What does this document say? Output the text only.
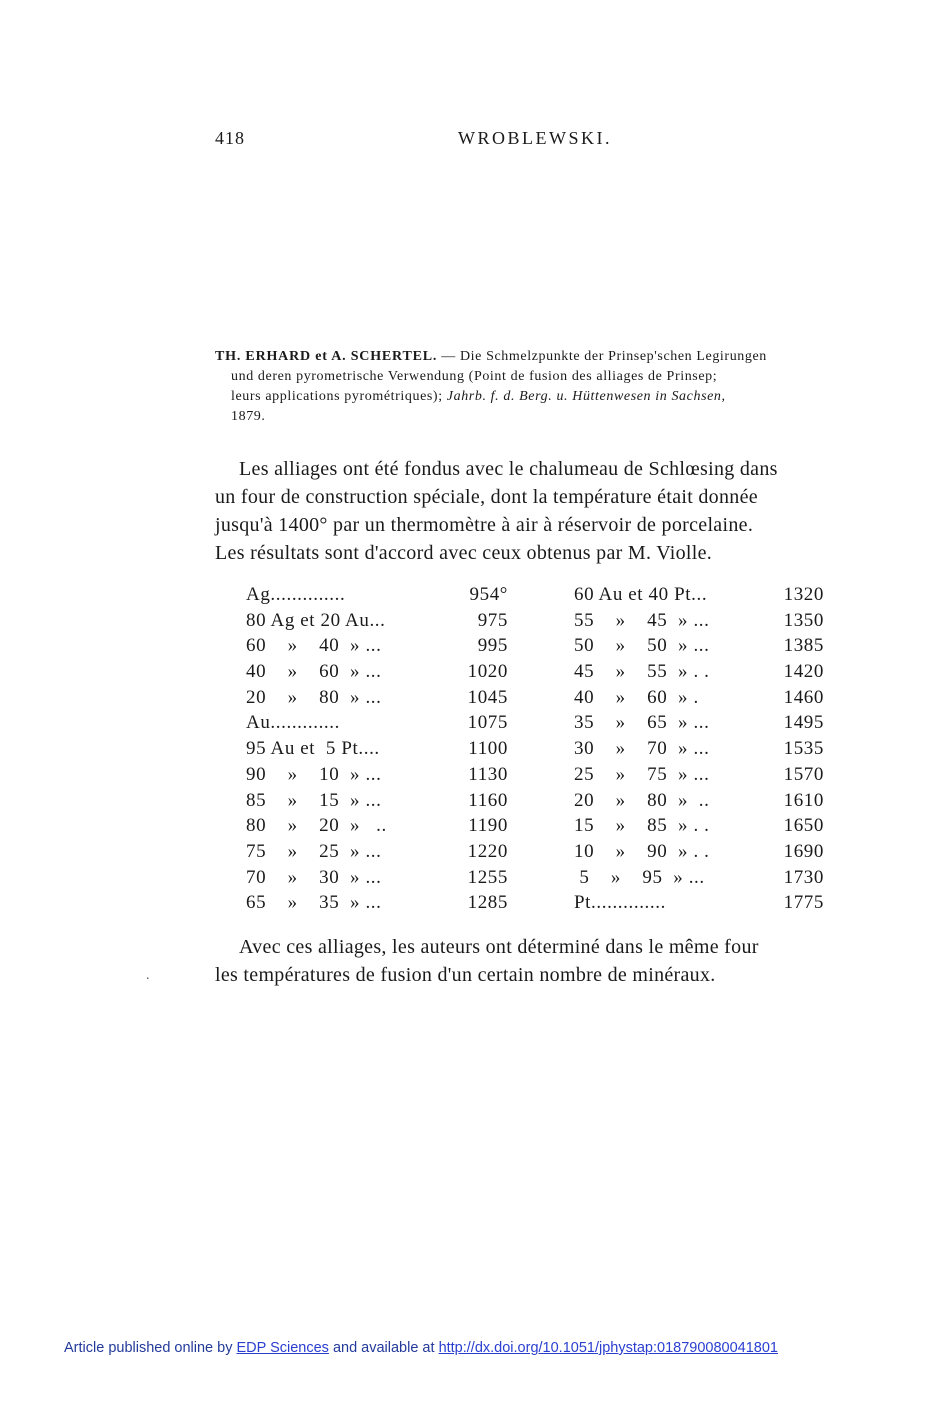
418	WROBLEWSKI.
TH. ERHARD et A. SCHERTEL. — Die Schmelzpunkte der Prinsep'schen Legirungen
und deren pyrometrische Verwendung (Point de fusion des alliages de Prinsep;
leurs applications pyrométriques); Jahrb. f. d. Berg. u. Hüttenwesen in Sachsen,
1879.
Les alliages ont été fondus avec le chalumeau de Schlœsing dans
un four de construction spéciale, dont la température était donnée
jusqu'à 1400° par un thermomètre à air à réservoir de porcelaine.
Les résultats sont d'accord avec ceux obtenus par M. Violle.
Ag..............	954°
80 Ag et 20 Au...	975
60    »    40  » ...	995
40    »    60  » ...	1020
20    »    80  » ...	1045
Au.............	1075
95 Au et  5 Pt....	1100
90    »    10  » ...	1130
85    »    15  » ...	1160
80    »    20  »   ..	1190
75    »    25  » ...	1220
70    »    30  » ...	1255
65    »    35  » ...	1285
60 Au et 40 Pt...	1320
55    »    45  » ...	1350
50    »    50  » ...	1385
45    »    55  » . .	1420
40    »    60  » .	1460
35    »    65  » ...	1495
30    »    70  » ...	1535
25    »    75  » ...	1570
20    »    80  »  ..	1610
15    »    85  » . .	1650
10    »    90  » . .	1690
5    »    95  » ...	1730
Pt..............	1775
Avec ces alliages, les auteurs ont déterminé dans le même four
les températures de fusion d'un certain nombre de minéraux.
.
Article published online by EDP Sciences and available at http://dx.doi.org/10.1051/jphystap:018790080041801
